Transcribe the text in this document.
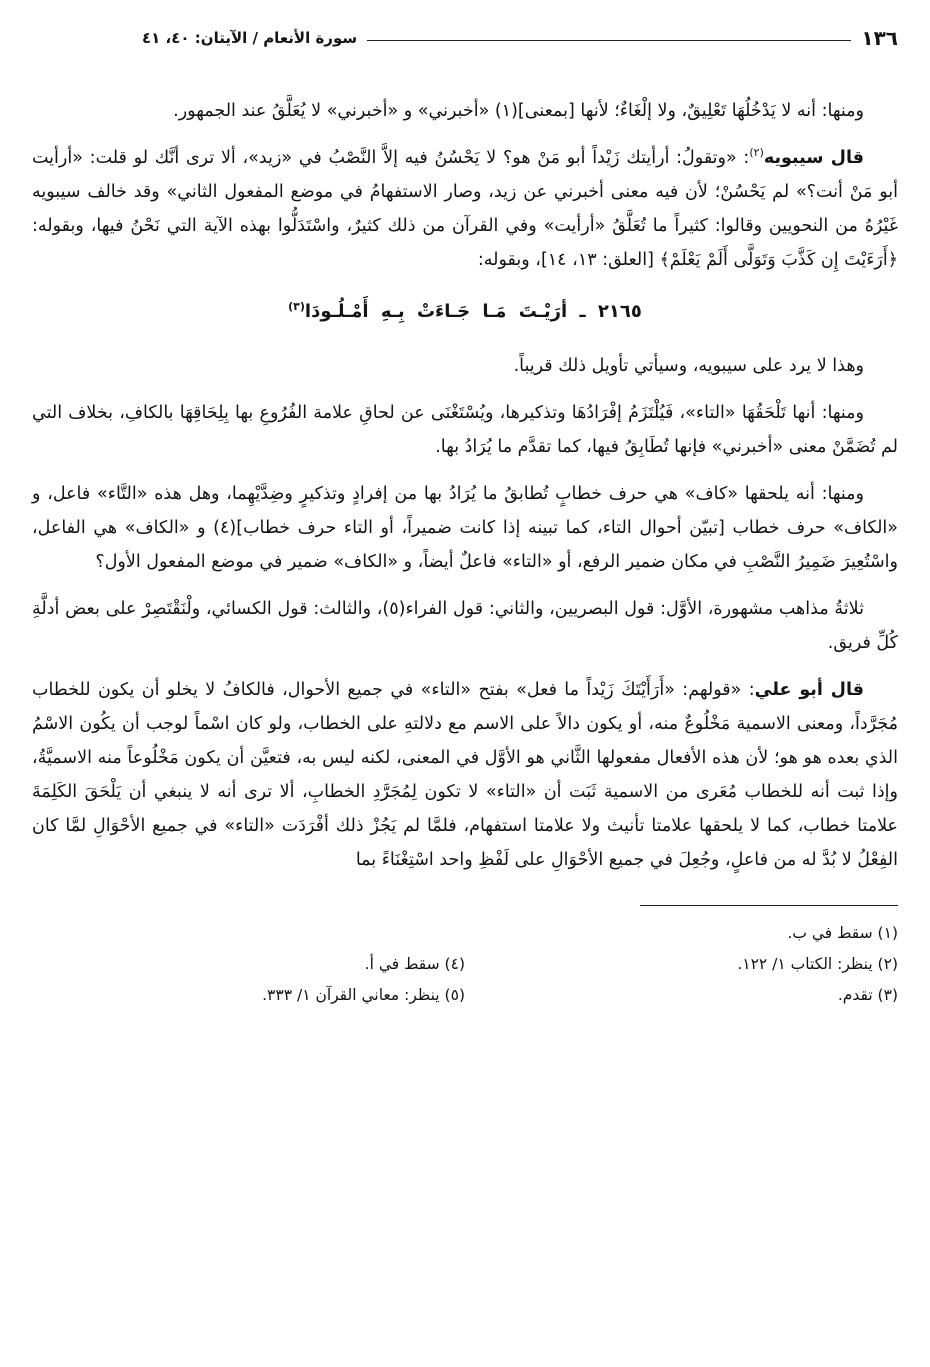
١٣٦
سورة الأنعام / الآيتان: ٤٠، ٤١

ومنها: أنه لا يَدْخُلُهَا تَعْلِيقٌ، ولا إلْغَاءٌ؛ لأنها [بمعنى](١) «أخبرني» و «أخبرني» لا يُعَلَّقُ عند الجمهور.

قال سيبويه$^{(٢)}$: «وتقولُ: أرأيتك زَيْداً أبو مَنْ هو؟ لا يَحْسُنُ فيه إلاَّ النَّصْبُ في «زيد»، ألا ترى أنَّك لو قلت: «أرأيت أبو مَنْ أنت؟» لم يَحْسُنْ؛ لأن فيه معنى أخبرني عن زيد، وصار الاستفهامُ في موضع المفعول الثاني» وقد خالف سيبويه غَيْرُهُ من النحويين وقالوا: كثيراً ما تُعَلَّقُ «أرأيت» وفي القرآن من ذلك كثيرٌ، واسْتَدَلُّوا بهذه الآية التي نَحْنُ فيها، وبقوله: ﴿أَرَءَيْتَ إِن كَذَّبَ وَتَوَلَّى أَلَمْ يَعْلَمْ﴾ [العلق: ١٣، ١٤]، وبقوله:

٢١٦٥ ـ أرَيْـتَ مَـا جَـاءَتْ بِـهِ أَمْـلُـودَا$^{(٣)}$

وهذا لا يرد على سيبويه، وسيأتي تأويل ذلك قريباً.

ومنها: أنها تَلْحَقُهَا «التاء»، فَيُلْتَزَمُ إفْرَادُهَا وتذكيرها، ويُسْتَغْنَى عن لحاقِ علامة الفُرُوعِ بها بِلِحَاقِهَا بالكافِ، بخلاف التي لم تُضَمَّنْ معنى «أخبرني» فإنها تُطَابِقُ فيها، كما تقدَّم ما يُرَادُ بها.

ومنها: أنه يلحقها «كاف» هي حرف خطابٍ تُطابقُ ما يُرَادُ بها من إفرادٍ وتذكيرٍ وضِدَّيْهِما، وهل هذه «التَّاء» فاعل، و «الكاف» حرف خطاب [تبيّن أحوال التاء، كما تبينه إذا كانت ضميراً، أو التاء حرف خطاب](٤) و «الكاف» هي الفاعل، واسْتُعِيرَ ضَمِيرُ النَّصْبِ في مكان ضمير الرفع، أو «التاء» فاعلٌ أيضاً، و «الكاف» ضمير في موضع المفعول الأول؟

ثلاثةُ مذاهب مشهورة، الأوَّل: قول البصريين، والثاني: قول الفراء(٥)، والثالث: قول الكسائي، ولْنَقْتَصِرْ على بعض أدلَّةِ كُلِّ فريق.

قال أبو علي: «قولهم: «أَرَأَيْتَكَ زَيْداً ما فعل» بفتح «التاء» في جميع الأحوال، فالكافُ لا يخلو أن يكون للخطاب مُجَرَّداً، ومعنى الاسمية مَخْلُوعٌ منه، أو يكون دالاً على الاسم مع دلالتهِ على الخطاب، ولو كان اسْماً لوجب أن يكُون الاسْمُ الذي بعده هو هو؛ لأن هذه الأفعال مفعولها الثَّاني هو الأوَّل في المعنى، لكنه ليس به، فتعيَّن أن يكون مَخْلُوعاً منه الاسميَّةُ، وإذا ثبت أنه للخطاب مُعَرى من الاسمية ثَبَت أن «التاء» لا تكون لِمُجَرَّدِ الخطابِ، ألا ترى أنه لا ينبغي أن يَلْحَقَ الكَلِمَةَ علامتا خطاب، كما لا يلحقها علامتا تأنيث ولا علامتا استفهام، فلمَّا لم يَجُزْ ذلك أفْرَدَت «التاء» في جميع الأحْوَالِ لمَّا كان الفِعْلُ لا بُدَّ له من فاعلٍ، وجُعِلَ في جميع الأحْوَالِ على لَفْظِ واحد اسْتِغْنَاءً بما

(١) سقط في ب.
(٢) ينظر: الكتاب ١/ ١٢٢.
(٤) سقط في أ.
(٣) تقدم.
(٥) ينظر: معاني القرآن ١/ ٣٣٣.
